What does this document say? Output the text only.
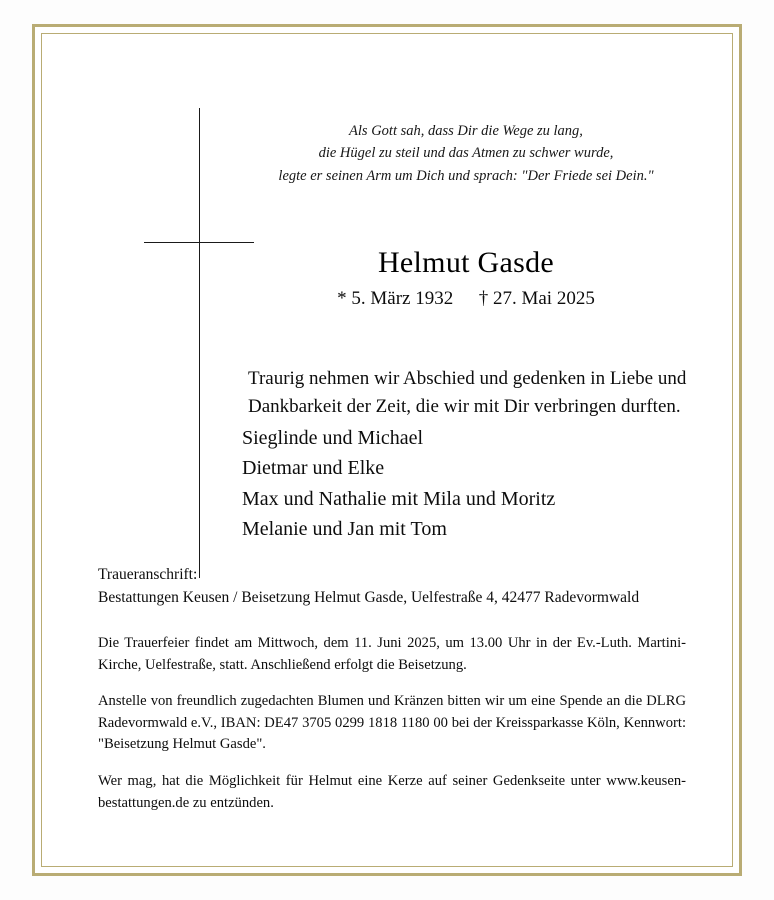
Als Gott sah, dass Dir die Wege zu lang,
die Hügel zu steil und das Atmen zu schwer wurde,
legte er seinen Arm um Dich und sprach: "Der Friede sei Dein."
Helmut Gasde
* 5. März 1932 † 27. Mai 2025
Traurig nehmen wir Abschied und gedenken in Liebe und Dankbarkeit der Zeit, die wir mit Dir verbringen durften.
Sieglinde und Michael
Dietmar und Elke
Max und Nathalie mit Mila und Moritz
Melanie und Jan mit Tom
Traueranschrift:
Bestattungen Keusen / Beisetzung Helmut Gasde, Uelfestraße 4, 42477 Radevormwald

Die Trauerfeier findet am Mittwoch, dem 11. Juni 2025, um 13.00 Uhr in der Ev.-Luth. Martini-Kirche, Uelfestraße, statt. Anschließend erfolgt die Beisetzung.

Anstelle von freundlich zugedachten Blumen und Kränzen bitten wir um eine Spende an die DLRG Radevormwald e.V., IBAN: DE47 3705 0299 1818 1180 00 bei der Kreissparkasse Köln, Kennwort: "Beisetzung Helmut Gasde".

Wer mag, hat die Möglichkeit für Helmut eine Kerze auf seiner Gedenkseite unter www.keusen-bestattungen.de zu entzünden.
